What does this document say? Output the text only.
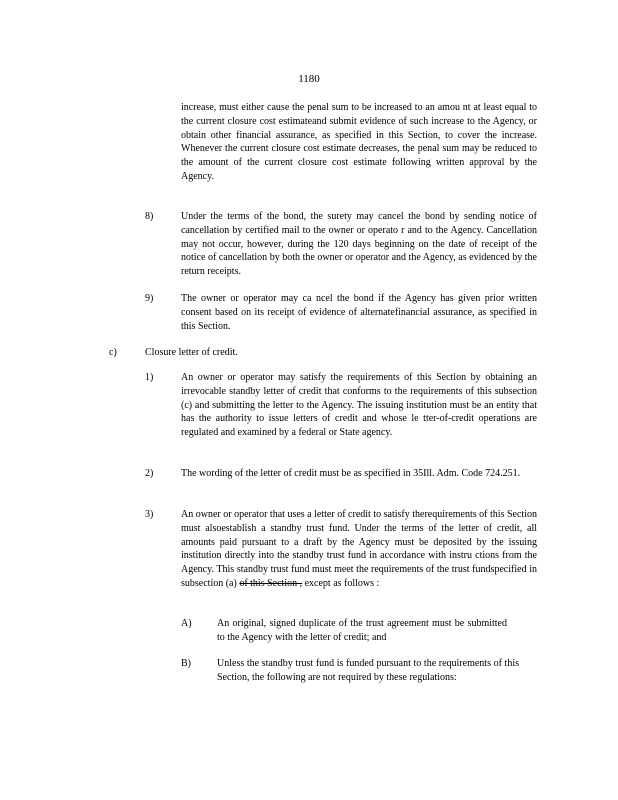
1180
increase, must either cause the penal sum to be increased to an amou nt at least equal to the current closure cost estimateand submit evidence of such increase to the Agency, or obtain other financial assurance, as specified in this Section, to cover the increase. Whenever the current closure cost estimate decreases, the penal sum may be reduced to the amount of the current closure cost estimate following written approval by the Agency.
8)	Under the terms of the bond, the surety may cancel the bond by sending notice of cancellation by certified mail to the owner or operato r and to the Agency. Cancellation may not occur, however, during the 120 days beginning on the date of receipt of the notice of cancellation by both the owner or operator and the Agency, as evidenced by the return receipts.
9)	The owner or operator may ca ncel the bond if the Agency has given prior written consent based on its receipt of evidence of alternatefinancial assurance, as specified in this Section.
c)	Closure letter of credit.
1)	An owner or operator may satisfy the requirements of this Section by obtaining an irrevocable standby letter of credit that conforms to the requirements of this subsection (c) and submitting the letter to the Agency. The issuing institution must be an entity that has the authority to issue letters of credit and whose le tter-of-credit operations are regulated and examined by a federal or State agency.
2)	The wording of the letter of credit must be as specified in 35Ill. Adm. Code 724.251.
3)	An owner or operator that uses a letter of credit to satisfy therequirements of this Section must alsoestablish a standby trust fund. Under the terms of the letter of credit, all amounts paid pursuant to a draft by the Agency must be deposited by the issuing institution directly into the standby trust fund in accordance with instru ctions from the Agency. This standby trust fund must meet the requirements of the trust fundspecified in subsection (a) of this Section , except as follows :
A)	An original, signed duplicate of the trust agreement must be submitted to the Agency with the letter of credit; and
B)	Unless the standby trust fund is funded pursuant to the requirements of this Section, the following are not required by these regulations:
